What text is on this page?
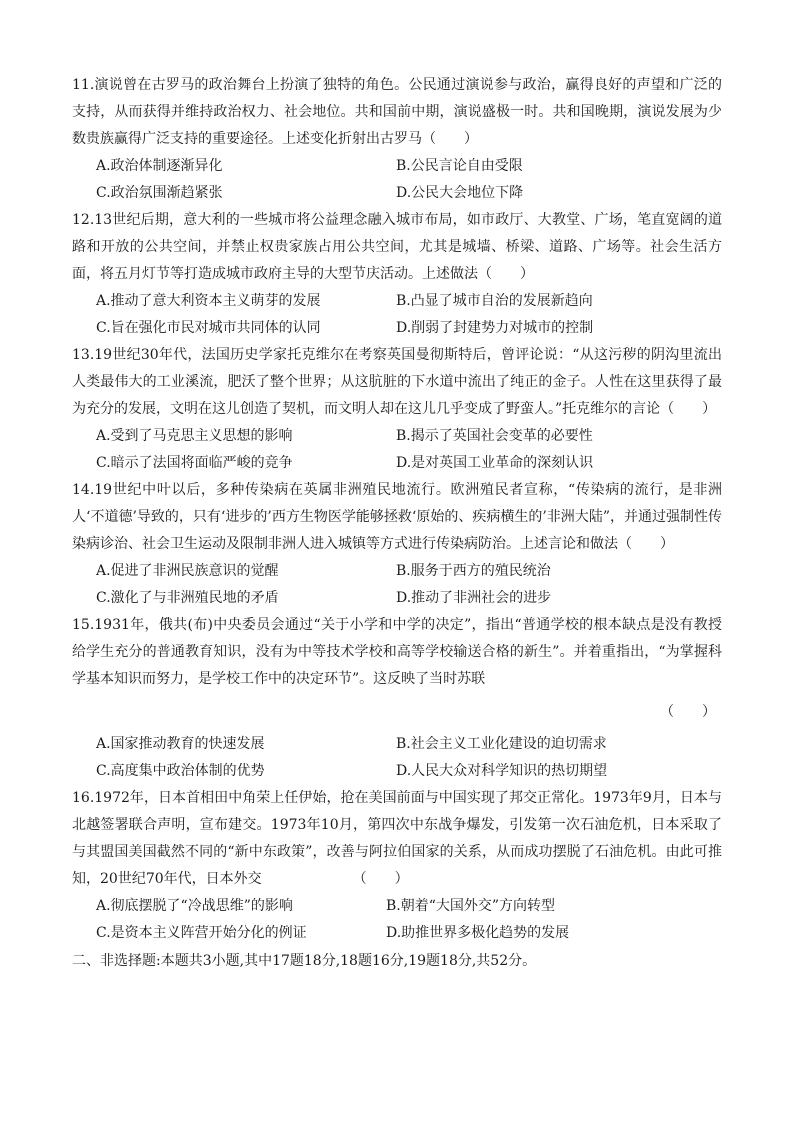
11.演说曾在古罗马的政治舞台上扮演了独特的角色。公民通过演说参与政治，赢得良好的声望和广泛的支持，从而获得并维持政治权力、社会地位。共和国前中期，演说盛极一时。共和国晚期，演说发展为少数贵族赢得广泛支持的重要途径。上述变化折射出古罗马（　　）

A.政治体制逐渐异化	B.公民言论自由受限
C.政治氛围渐趋紧张	D.公民大会地位下降

12.13世纪后期，意大利的一些城市将公益理念融入城市布局，如市政厅、大教堂、广场，笔直宽阔的道路和开放的公共空间，并禁止权贵家族占用公共空间，尤其是城墙、桥梁、道路、广场等。社会生活方面，将五月灯节等打造成城市政府主导的大型节庆活动。上述做法（　　）

A.推动了意大利资本主义萌芽的发展	B.凸显了城市自治的发展新趋向
C.旨在强化市民对城市共同体的认同	D.削弱了封建势力对城市的控制

13.19世纪30年代，法国历史学家托克维尔在考察英国曼彻斯特后，曾评论说：“从这污秽的阴沟里流出人类最伟大的工业溪流，肥沃了整个世界；从这肮脏的下水道中流出了纯正的金子。人性在这里获得了最为充分的发展，文明在这儿创造了契机，而文明人却在这儿几乎变成了野蛮人。”托克维尔的言论（　　）

A.受到了马克思主义思想的影响	B.揭示了英国社会变革的必要性
C.暗示了法国将面临严峻的竞争	D.是对英国工业革命的深刻认识

14.19世纪中叶以后，多种传染病在英属非洲殖民地流行。欧洲殖民者宣称，“传染病的流行，是非洲人‘不道德’导致的，只有‘进步的’西方生物医学能够拯救‘原始的、疾病横生的’非洲大陆”，并通过强制性传染病诊治、社会卫生运动及限制非洲人进入城镇等方式进行传染病防治。上述言论和做法（　　）

A.促进了非洲民族意识的觉醒	B.服务于西方的殖民统治
C.激化了与非洲殖民地的矛盾	D.推动了非洲社会的进步

15.1931年，俄共(布)中央委员会通过“关于小学和中学的决定”，指出“普通学校的根本缺点是没有教授给学生充分的普通教育知识，没有为中等技术学校和高等学校输送合格的新生”。并着重指出，“为掌握科学基本知识而努力，是学校工作中的决定环节”。这反映了当时苏联

（　　）
A.国家推动教育的快速发展	B.社会主义工业化建设的迫切需求
C.高度集中政治体制的优势	D.人民大众对科学知识的热切期望

16.1972年，日本首相田中角荣上任伊始，抢在美国前面与中国实现了邦交正常化。1973年9月，日本与北越签署联合声明，宣布建交。1973年10月，第四次中东战争爆发，引发第一次石油危机，日本采取了与其盟国美国截然不同的“新中东政策”，改善与阿拉伯国家的关系，从而成功摆脱了石油危机。由此可推知，20世纪70年代，日本外交　　　　　　　（　　）

A.彻底摆脱了“冷战思维”的影响	B.朝着“大国外交”方向转型
C.是资本主义阵营开始分化的例证	D.助推世界多极化趋势的发展

二、非选择题:本题共3小题,其中17题18分,18题16分,19题18分,共52分。
